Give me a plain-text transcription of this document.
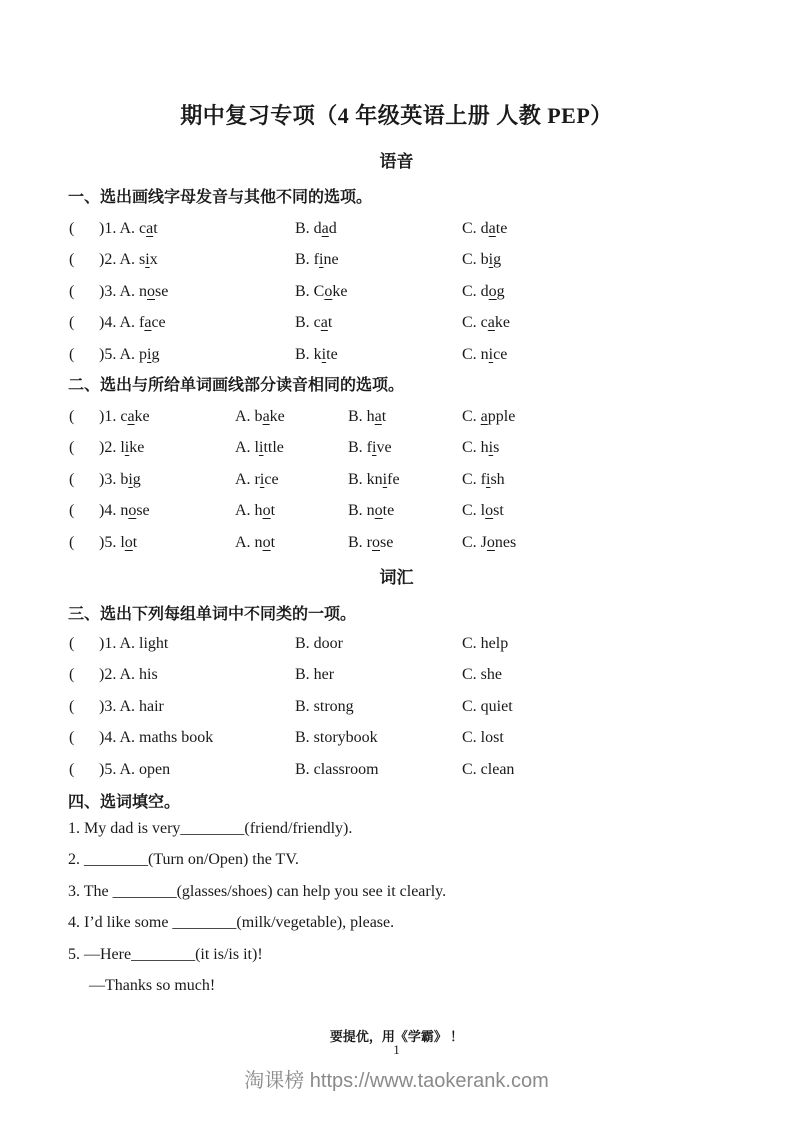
期中复习专项（4 年级英语上册 人教 PEP）
语音
一、选出画线字母发音与其他不同的选项。
(	)1. A. cat	B. dad	C. date
(	)2. A. six	B. fine	C. big
(	)3. A. nose	B. Coke	C. dog
(	)4. A. face	B. cat	C. cake
(	)5. A. pig	B. kite	C. nice
二、选出与所给单词画线部分读音相同的选项。
(	)1. cake	A. bake	B. hat	C. apple
(	)2. like	A. little	B. five	C. his
(	)3. big	A. rice	B. knife	C. fish
(	)4. nose	A. hot	B. note	C. lost
(	)5. lot	A. not	B. rose	C. Jones
词汇
三、选出下列每组单词中不同类的一项。
(	)1. A. light	B. door	C. help
(	)2. A. his	B. her	C. she
(	)3. A. hair	B. strong	C. quiet
(	)4. A. maths book	B. storybook	C. lost
(	)5. A. open	B. classroom	C. clean
四、选词填空。
1. My dad is very________(friend/friendly).
2. ________(Turn on/Open) the TV.
3. The ________(glasses/shoes) can help you see it clearly.
4. I’d like some ________(milk/vegetable), please.
5. —Here________(it is/is it)!
—Thanks so much!
要提优，用《学霸》 ！
1
淘课榜 https://www.taokerank.com
